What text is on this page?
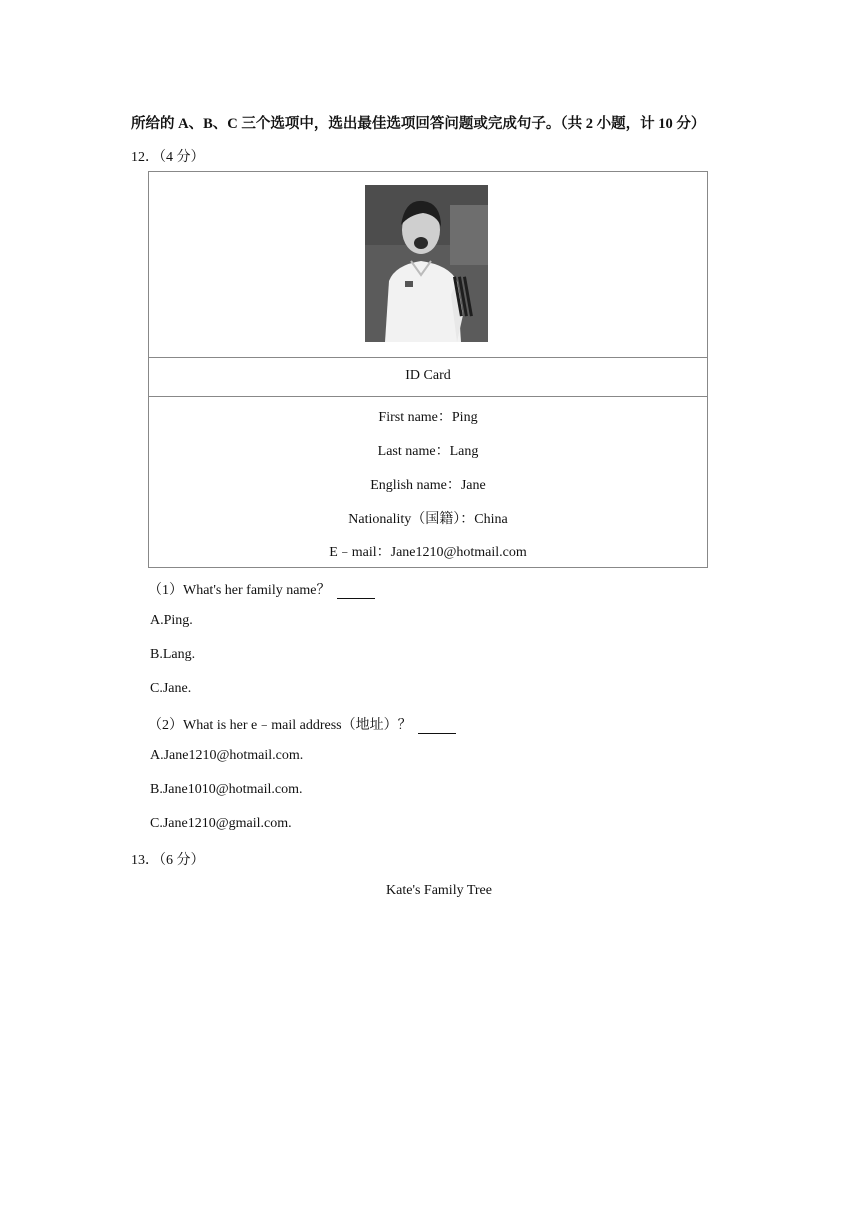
所给的 A、B、C 三个选项中，选出最佳选项回答问题或完成句子。（共 2 小题，计 10 分）
12．（4 分）
ID Card
First name：Ping
Last name：Lang
English name：Jane
Nationality（国籍）：China
E﹣mail：Jane1210@hotmail.com
（1）What's her family name？
A.Ping.
B.Lang.
C.Jane.
（2）What is her e﹣mail address（地址）？
A.Jane1210@hotmail.com.
B.Jane1010@hotmail.com.
C.Jane1210@gmail.com.
13．（6 分）
Kate's Family Tree
